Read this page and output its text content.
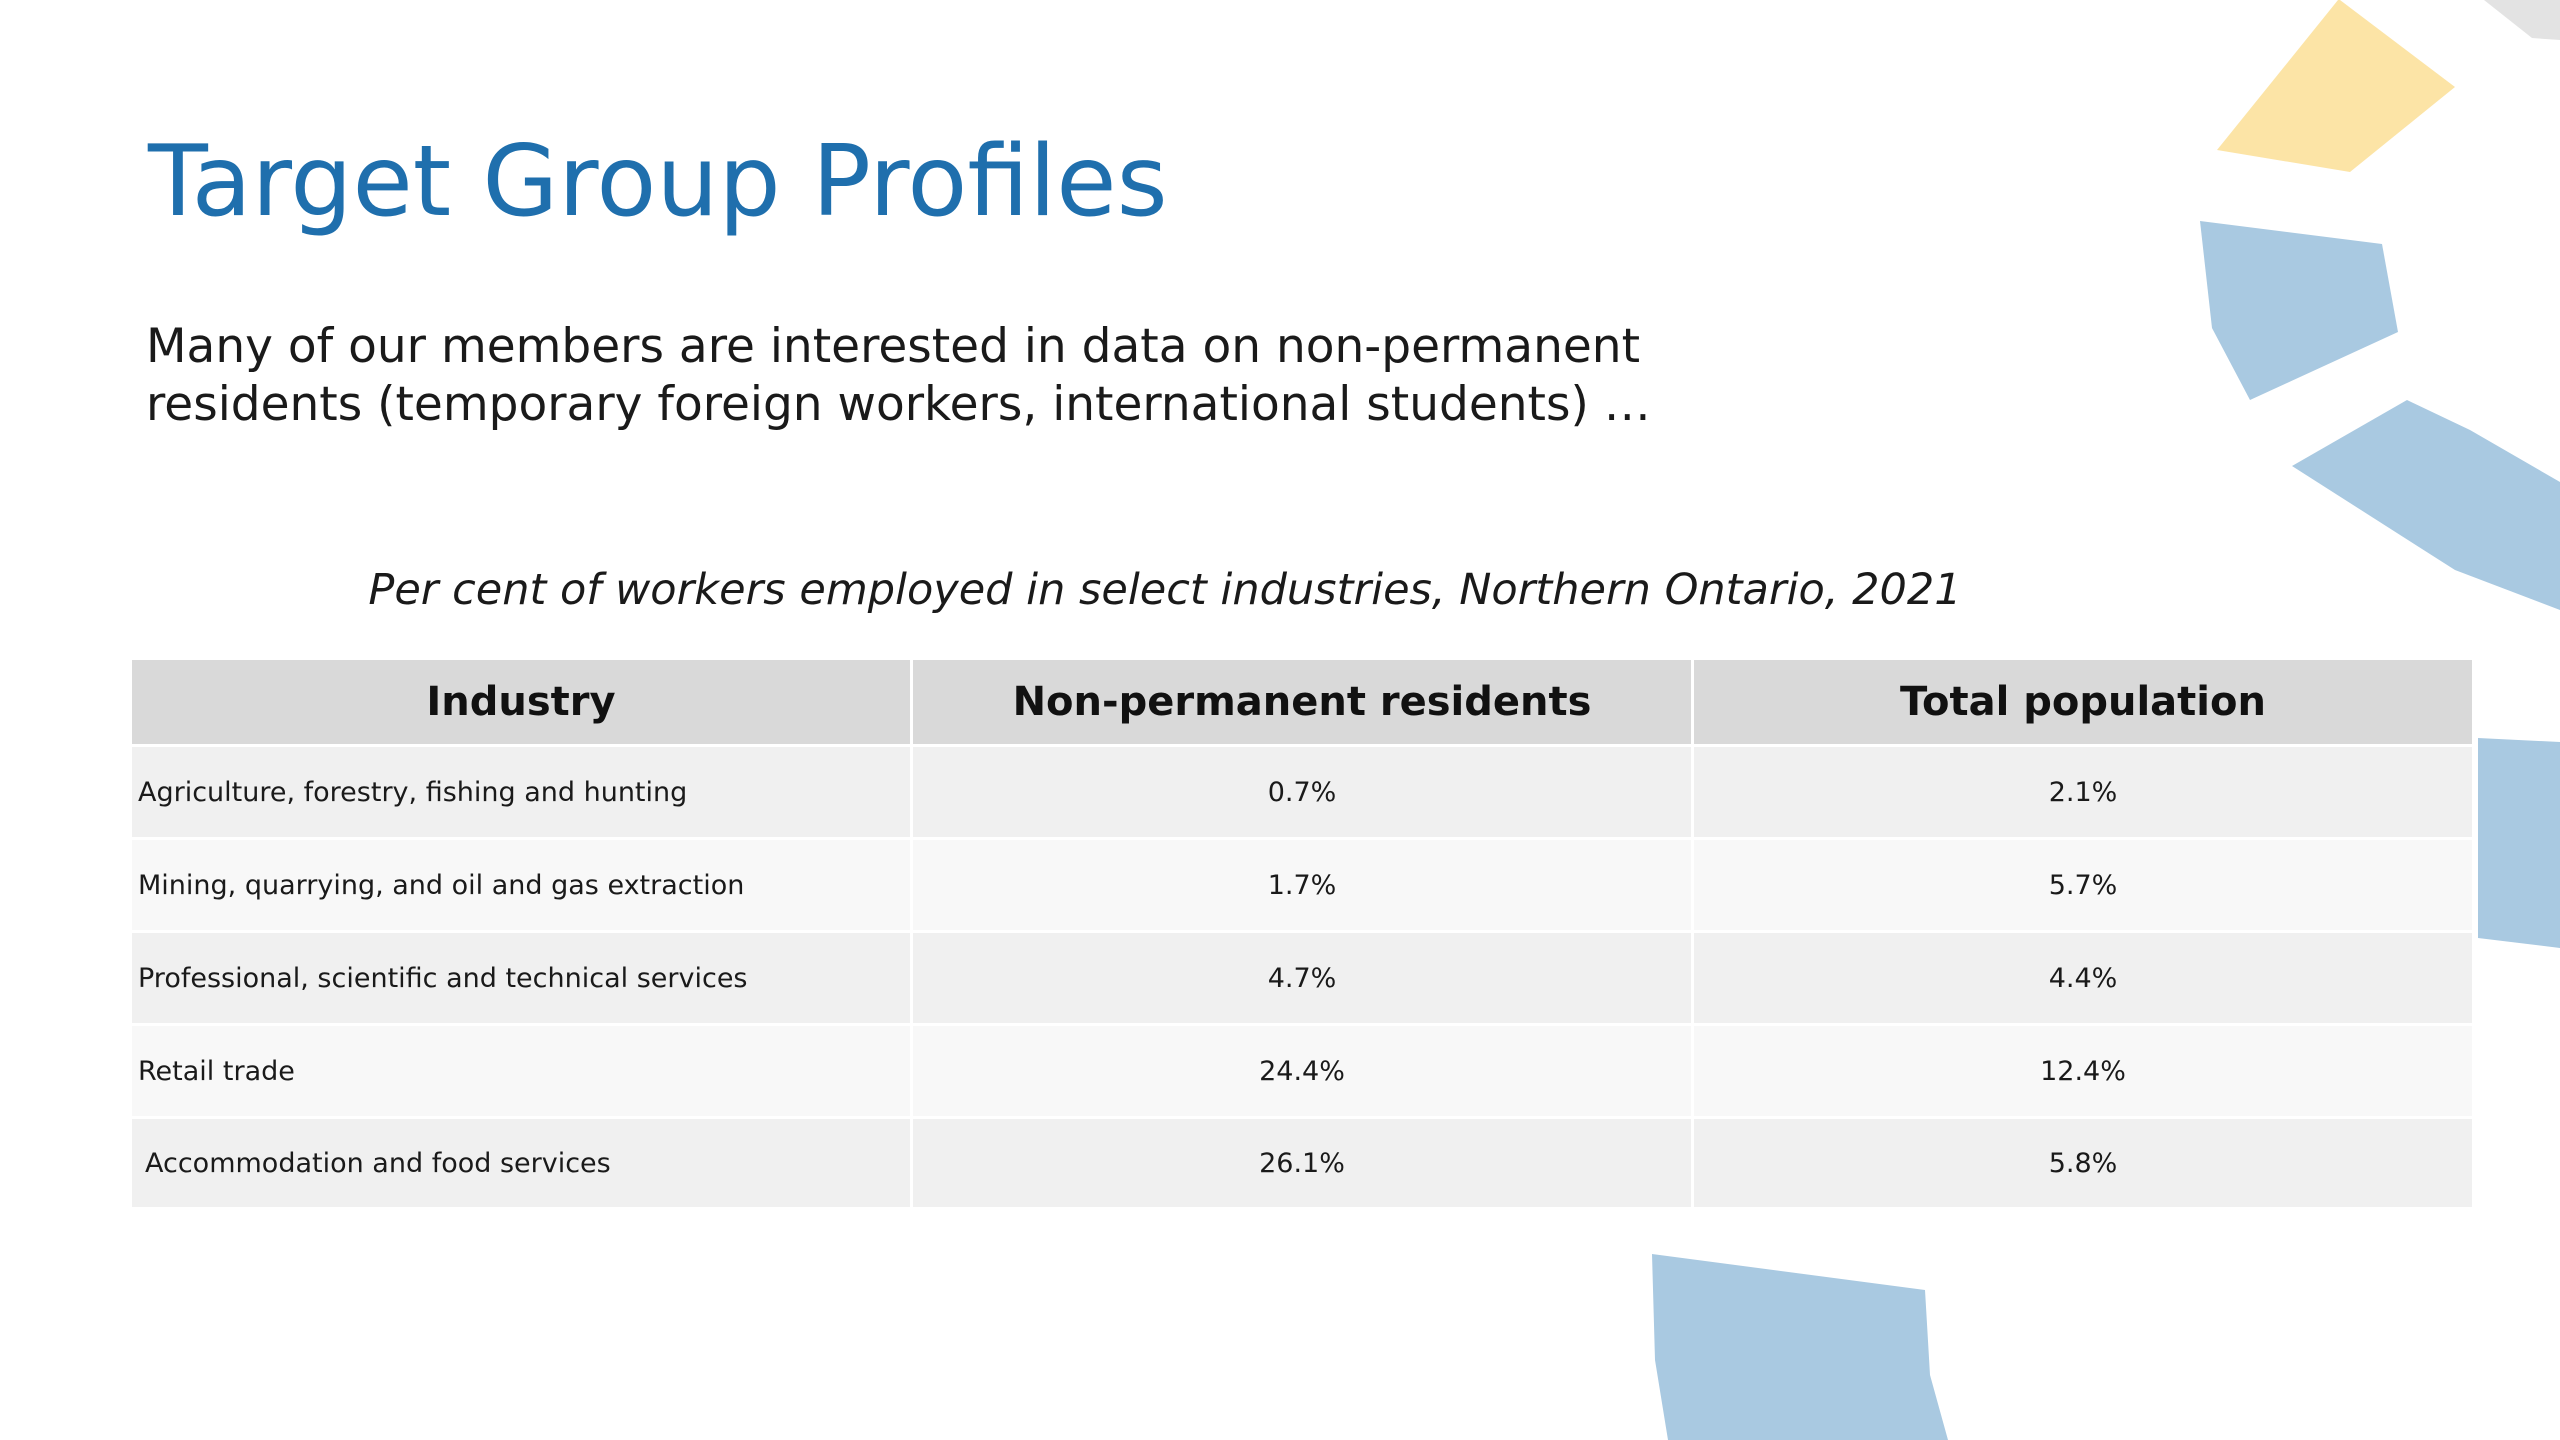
Target Group Profiles

Many of our members are interested in data on non-permanent residents (temporary foreign workers, international students) …

Per cent of workers employed in select industries, Northern Ontario, 2021

Industry	Non-permanent residents	Total population
Agriculture, forestry, fishing and hunting	0.7%	2.1%
Mining, quarrying, and oil and gas extraction	1.7%	5.7%
Professional, scientific and technical services	4.7%	4.4%
Retail trade	24.4%	12.4%
Accommodation and food services	26.1%	5.8%
